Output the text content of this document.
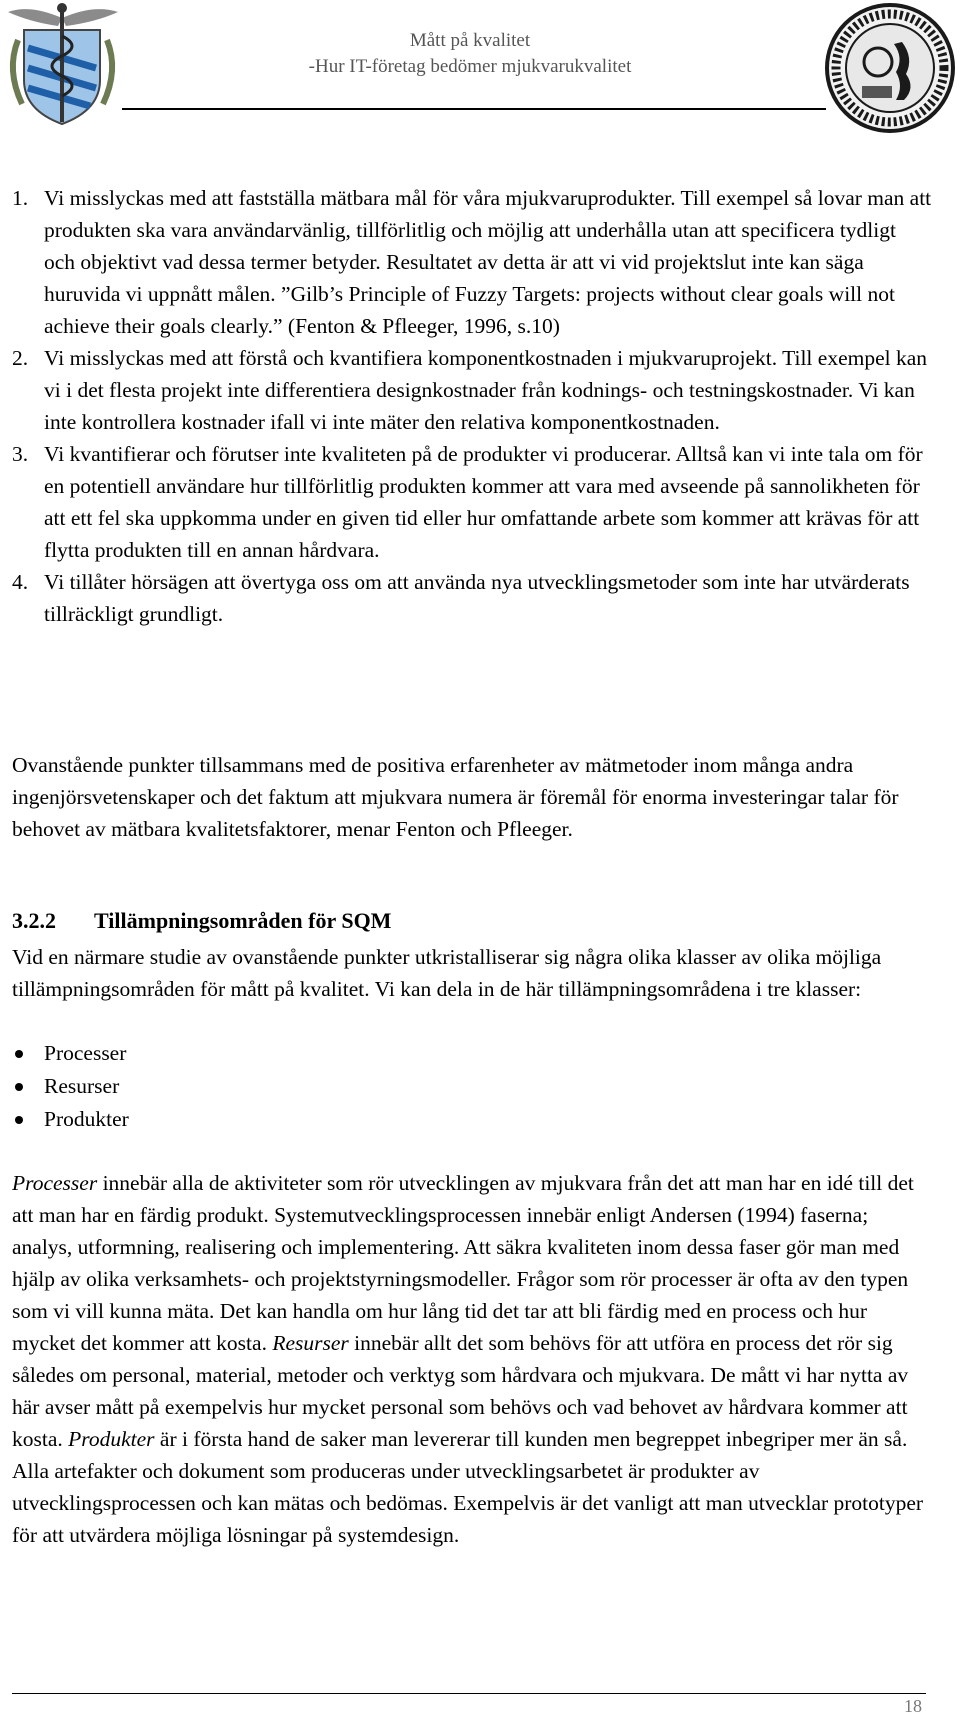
Mått på kvalitet
-Hur IT-företag bedömer mjukvarukvalitet
1. Vi misslyckas med att fastställa mätbara mål för våra mjukvaruprodukter. Till exempel så lovar man att produkten ska vara användarvänlig, tillförlitlig och möjlig att underhålla utan att specificera tydligt och objektivt vad dessa termer betyder. Resultatet av detta är att vi vid projektslut inte kan säga huruvida vi uppnått målen. ”Gilb’s Principle of Fuzzy Targets: projects without clear goals will not achieve their goals clearly.” (Fenton & Pfleeger, 1996, s.10)
2. Vi misslyckas med att förstå och kvantifiera komponentkostnaden i mjukvaruprojekt. Till exempel kan vi i det flesta projekt inte differentiera designkostnader från kodnings- och testningskostnader. Vi kan inte kontrollera kostnader ifall vi inte mäter den relativa komponentkostnaden.
3. Vi kvantifierar och förutser inte kvaliteten på de produkter vi producerar. Alltså kan vi inte tala om för en potentiell användare hur tillförlitlig produkten kommer att vara med avseende på sannolikheten för att ett fel ska uppkomma under en given tid eller hur omfattande arbete som kommer att krävas för att flytta produkten till en annan hårdvara.
4. Vi tillåter hörsägen att övertyga oss om att använda nya utvecklingsmetoder som inte har utvärderats tillräckligt grundligt.
Ovanstående punkter tillsammans med de positiva erfarenheter av mätmetoder inom många andra ingenjörsvetenskaper och det faktum att mjukvara numera är föremål för enorma investeringar talar för behovet av mätbara kvalitetsfaktorer, menar Fenton och Pfleeger.
3.2.2 Tillämpningsområden för SQM
Vid en närmare studie av ovanstående punkter utkristalliserar sig några olika klasser av olika möjliga tillämpningsområden för mått på kvalitet. Vi kan dela in de här tillämpningsområdena i tre klasser:
Processer
Resurser
Produkter
Processer innebär alla de aktiviteter som rör utvecklingen av mjukvara från det att man har en idé till det att man har en färdig produkt. Systemutvecklingsprocessen innebär enligt Andersen (1994) faserna; analys, utformning, realisering och implementering. Att säkra kvaliteten inom dessa faser gör man med hjälp av olika verksamhets- och projektstyrningsmodeller. Frågor som rör processer är ofta av den typen som vi vill kunna mäta. Det kan handla om hur lång tid det tar att bli färdig med en process och hur mycket det kommer att kosta. Resurser innebär allt det som behövs för att utföra en process det rör sig således om personal, material, metoder och verktyg som hårdvara och mjukvara. De mått vi har nytta av här avser mått på exempelvis hur mycket personal som behövs och vad behovet av hårdvara kommer att kosta. Produkter är i första hand de saker man levererar till kunden men begreppet inbegriper mer än så. Alla artefakter och dokument som produceras under utvecklingsarbetet är produkter av utvecklingsprocessen och kan mätas och bedömas. Exempelvis är det vanligt att man utvecklar prototyper för att utvärdera möjliga lösningar på systemdesign.
18
